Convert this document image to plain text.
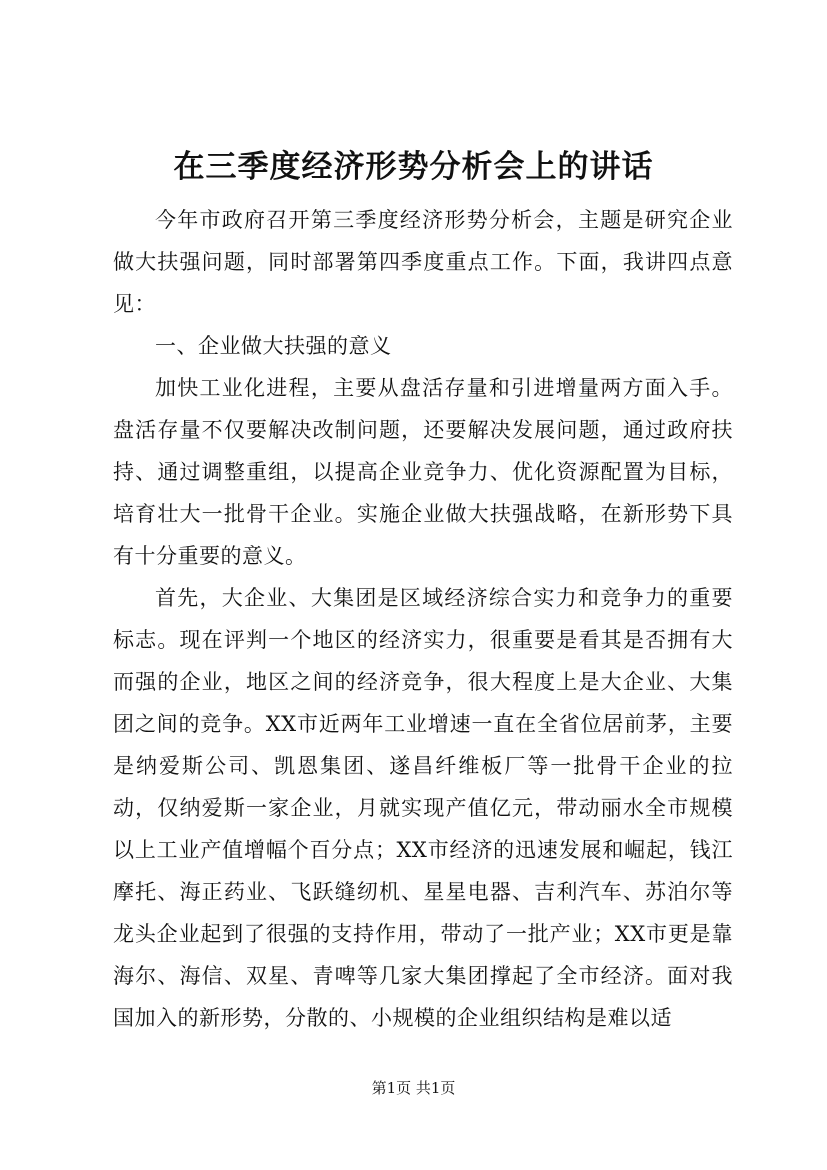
在三季度经济形势分析会上的讲话

今年市政府召开第三季度经济形势分析会，主题是研究企业做大扶强问题，同时部署第四季度重点工作。下面，我讲四点意见：

一、企业做大扶强的意义

加快工业化进程，主要从盘活存量和引进增量两方面入手。盘活存量不仅要解决改制问题，还要解决发展问题，通过政府扶持、通过调整重组，以提高企业竞争力、优化资源配置为目标，培育壮大一批骨干企业。实施企业做大扶强战略，在新形势下具有十分重要的意义。

首先，大企业、大集团是区域经济综合实力和竞争力的重要标志。现在评判一个地区的经济实力，很重要是看其是否拥有大而强的企业，地区之间的经济竞争，很大程度上是大企业、大集团之间的竞争。XX市近两年工业增速一直在全省位居前茅，主要是纳爱斯公司、凯恩集团、遂昌纤维板厂等一批骨干企业的拉动，仅纳爱斯一家企业，月就实现产值亿元，带动丽水全市规模以上工业产值增幅个百分点；XX市经济的迅速发展和崛起，钱江摩托、海正药业、飞跃缝纫机、星星电器、吉利汽车、苏泊尔等龙头企业起到了很强的支持作用，带动了一批产业；XX市更是靠海尔、海信、双星、青啤等几家大集团撑起了全市经济。面对我国加入的新形势，分散的、小规模的企业组织结构是难以适

第1页 共1页
